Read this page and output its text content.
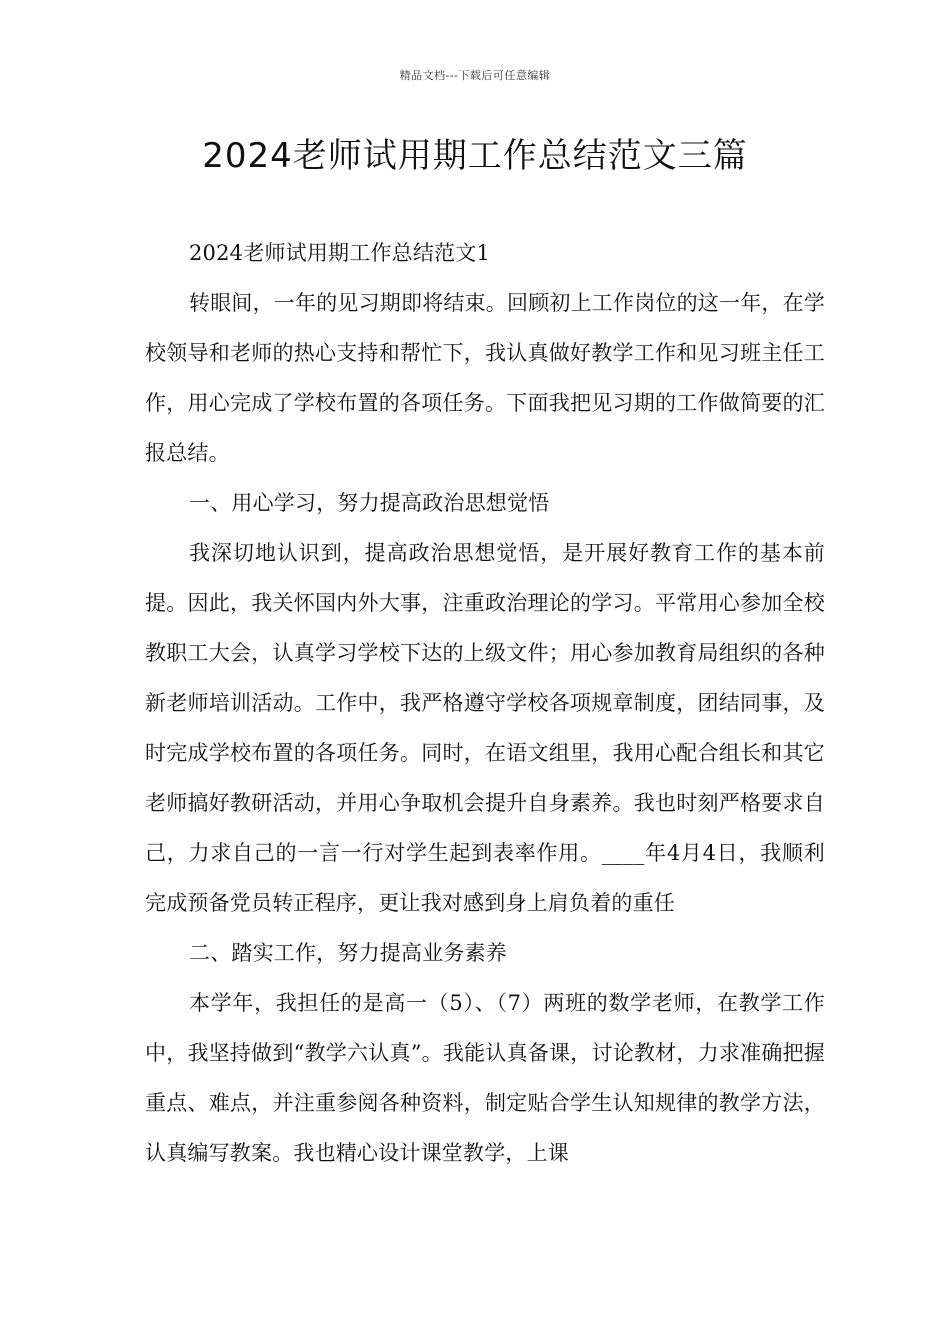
精品文档---下载后可任意编辑
2024老师试用期工作总结范文三篇

2024老师试用期工作总结范文1

转眼间，一年的见习期即将结束。回顾初上工作岗位的这一年，在学校领导和老师的热心支持和帮忙下，我认真做好教学工作和见习班主任工作，用心完成了学校布置的各项任务。下面我把见习期的工作做简要的汇报总结。

一、用心学习，努力提高政治思想觉悟

我深切地认识到，提高政治思想觉悟，是开展好教育工作的基本前提。因此，我关怀国内外大事，注重政治理论的学习。平常用心参加全校教职工大会，认真学习学校下达的上级文件；用心参加教育局组织的各种新老师培训活动。工作中，我严格遵守学校各项规章制度，团结同事，及时完成学校布置的各项任务。同时，在语文组里，我用心配合组长和其它老师搞好教研活动，并用心争取机会提升自身素养。我也时刻严格要求自己，力求自己的一言一行对学生起到表率作用。____年4月4日，我顺利完成预备党员转正程序，更让我对感到身上肩负着的重任

二、踏实工作，努力提高业务素养

本学年，我担任的是高一（5）、（7）两班的数学老师，在教学工作中，我坚持做到“教学六认真”。我能认真备课，讨论教材，力求准确把握重点、难点，并注重参阅各种资料，制定贴合学生认知规律的教学方法，认真编写教案。我也精心设计课堂教学，上课
